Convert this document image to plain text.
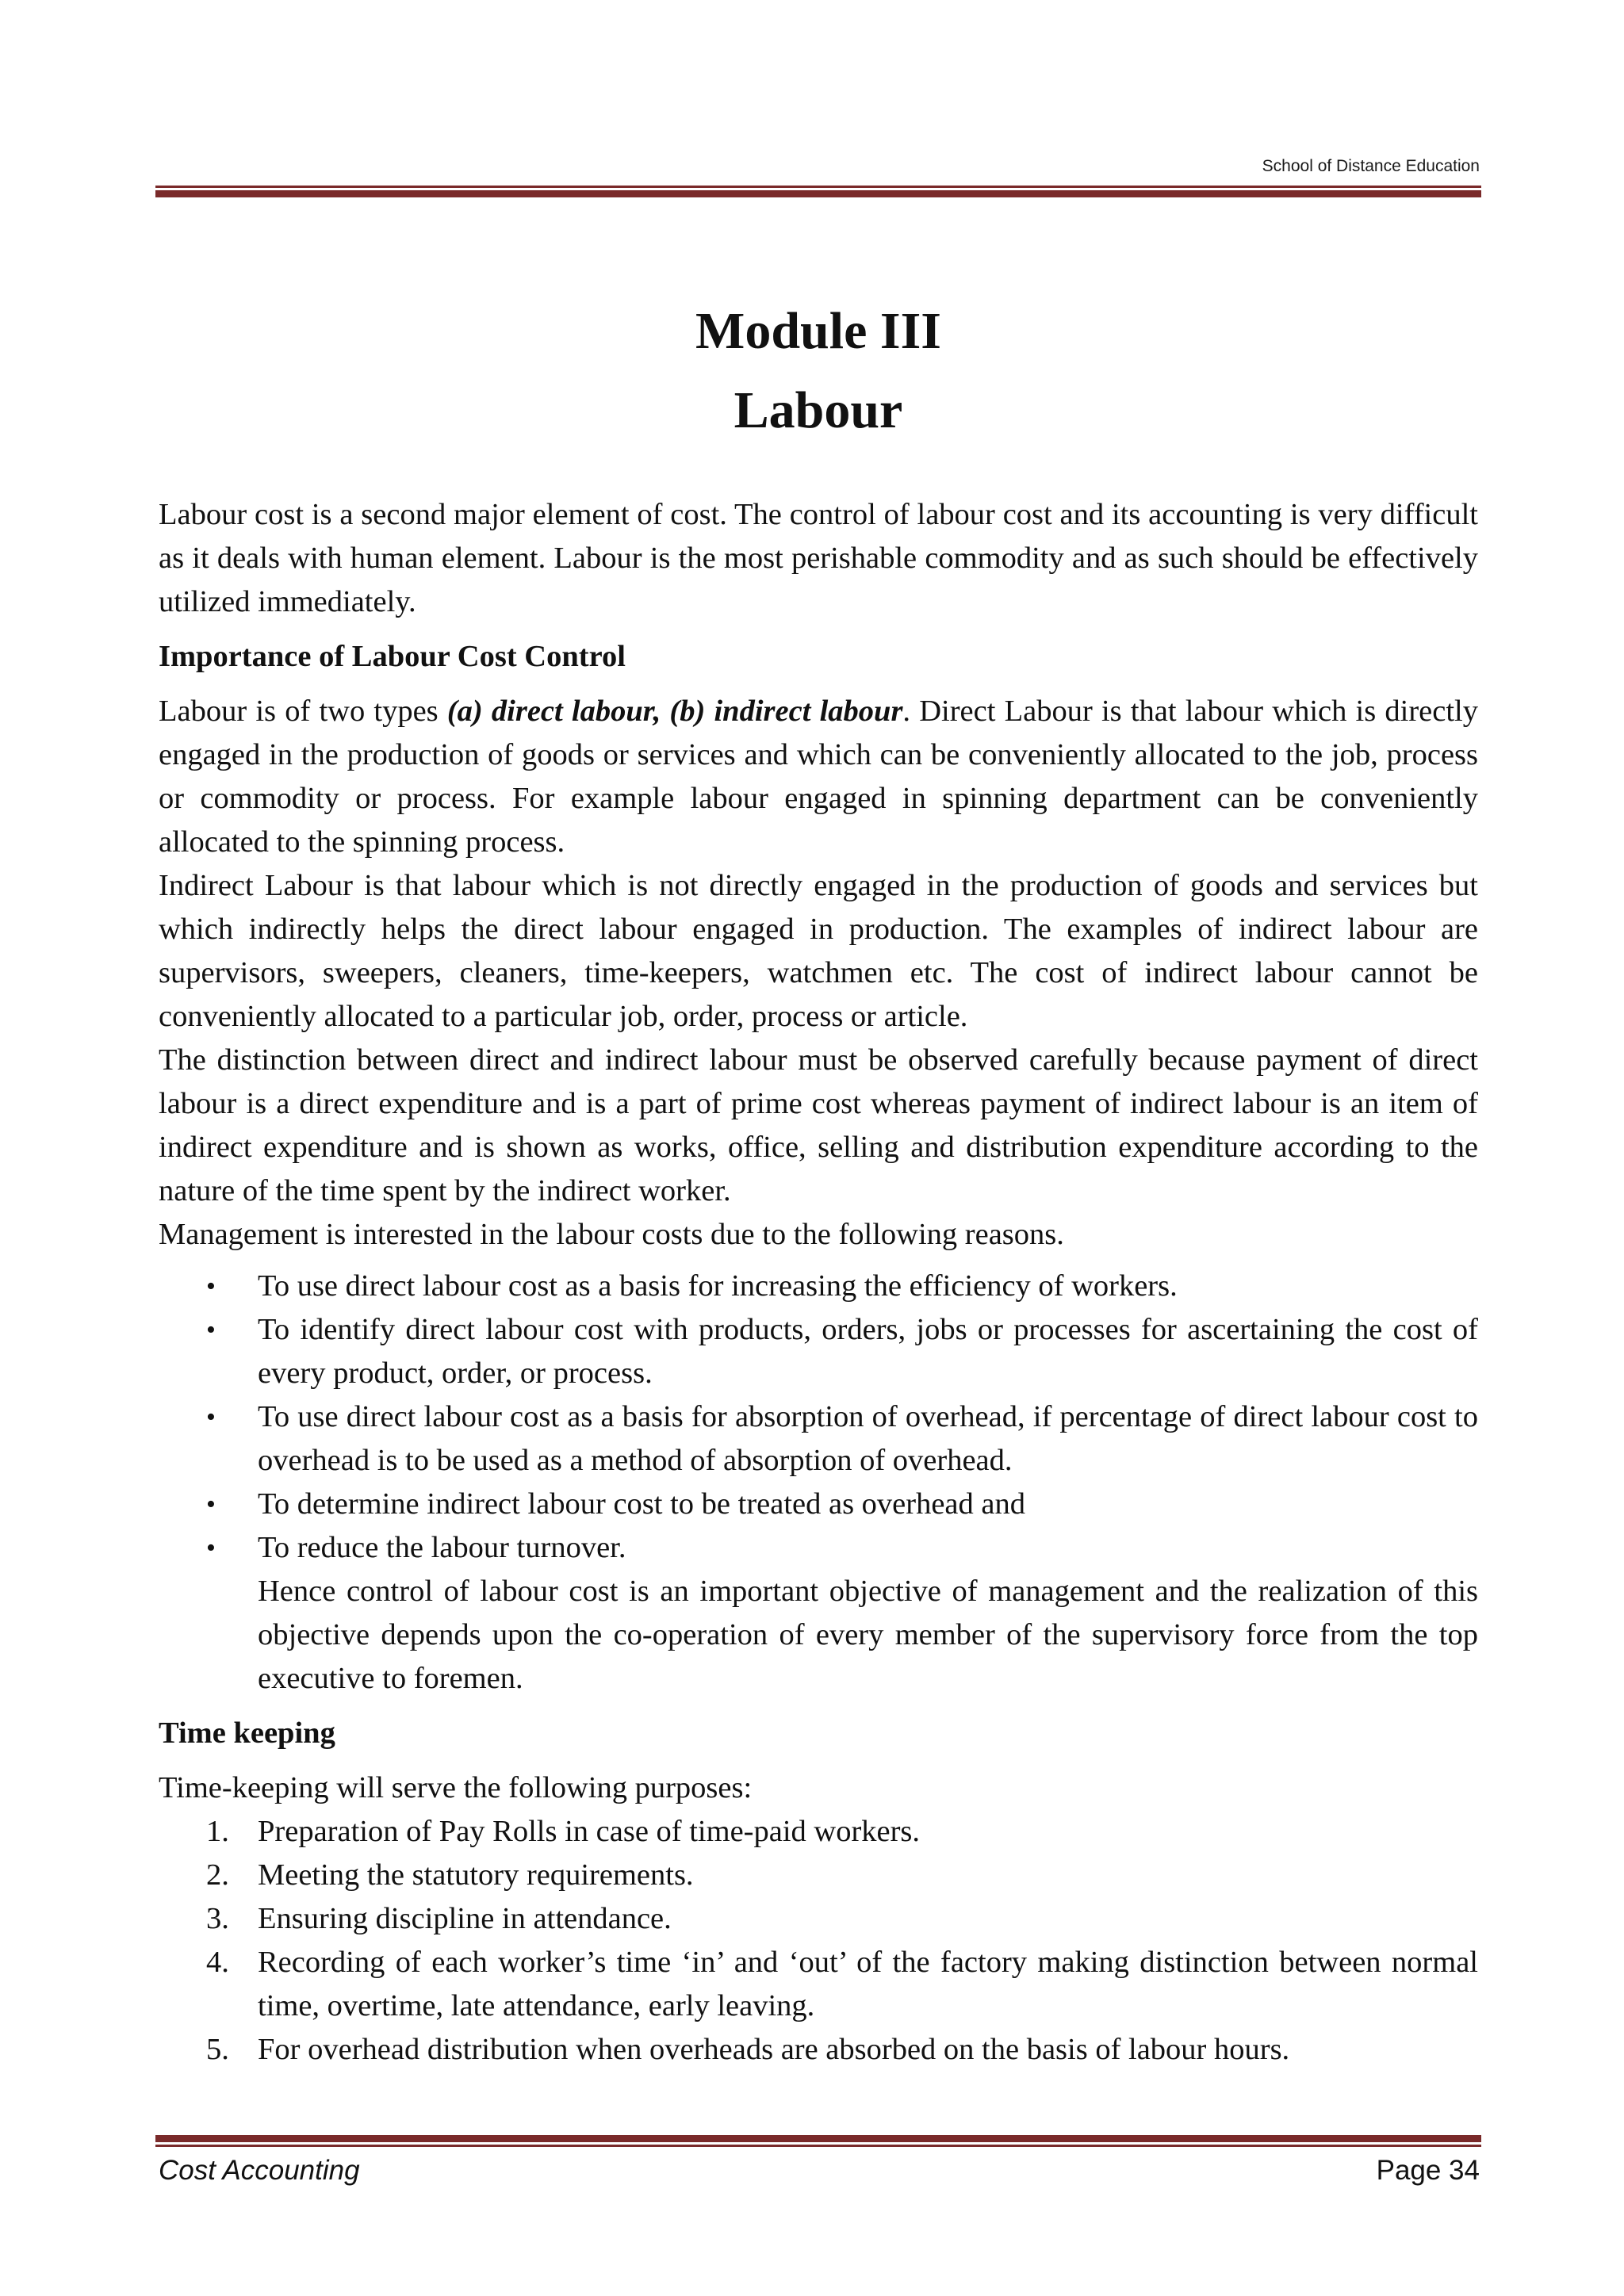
School of Distance Education
Module III
Labour

Labour cost is a second major element of cost. The control of labour cost and its accounting is very difficult as it deals with human element. Labour is the most perishable commodity and as such should be effectively utilized immediately.

Importance of Labour Cost Control

Labour is of two types (a) direct labour, (b) indirect labour. Direct Labour is that labour which is directly engaged in the production of goods or services and which can be conveniently allocated to the job, process or commodity or process. For example labour engaged in spinning department can be conveniently allocated to the spinning process.

Indirect Labour is that labour which is not directly engaged in the production of goods and services but which indirectly helps the direct labour engaged in production. The examples of indirect labour are supervisors, sweepers, cleaners, time-keepers, watchmen etc. The cost of indirect labour cannot be conveniently allocated to a particular job, order, process or article.

The distinction between direct and indirect labour must be observed carefully because payment of direct labour is a direct expenditure and is a part of prime cost whereas payment of indirect labour is an item of indirect expenditure and is shown as works, office, selling and distribution expenditure according to the nature of the time spent by the indirect worker.

Management is interested in the labour costs due to the following reasons.

• To use direct labour cost as a basis for increasing the efficiency of workers.
• To identify direct labour cost with products, orders, jobs or processes for ascertaining the cost of every product, order, or process.
• To use direct labour cost as a basis for absorption of overhead, if percentage of direct labour cost to overhead is to be used as a method of absorption of overhead.
• To determine indirect labour cost to be treated as overhead and
• To reduce the labour turnover.

Hence control of labour cost is an important objective of management and the realization of this objective depends upon the co-operation of every member of the supervisory force from the top executive to foremen.

Time keeping

Time-keeping will serve the following purposes:

1. Preparation of Pay Rolls in case of time-paid workers.
2. Meeting the statutory requirements.
3. Ensuring discipline in attendance.
4. Recording of each worker’s time ‘in’ and ‘out’ of the factory making distinction between normal time, overtime, late attendance, early leaving.
5. For overhead distribution when overheads are absorbed on the basis of labour hours.
Cost Accounting	Page 34
